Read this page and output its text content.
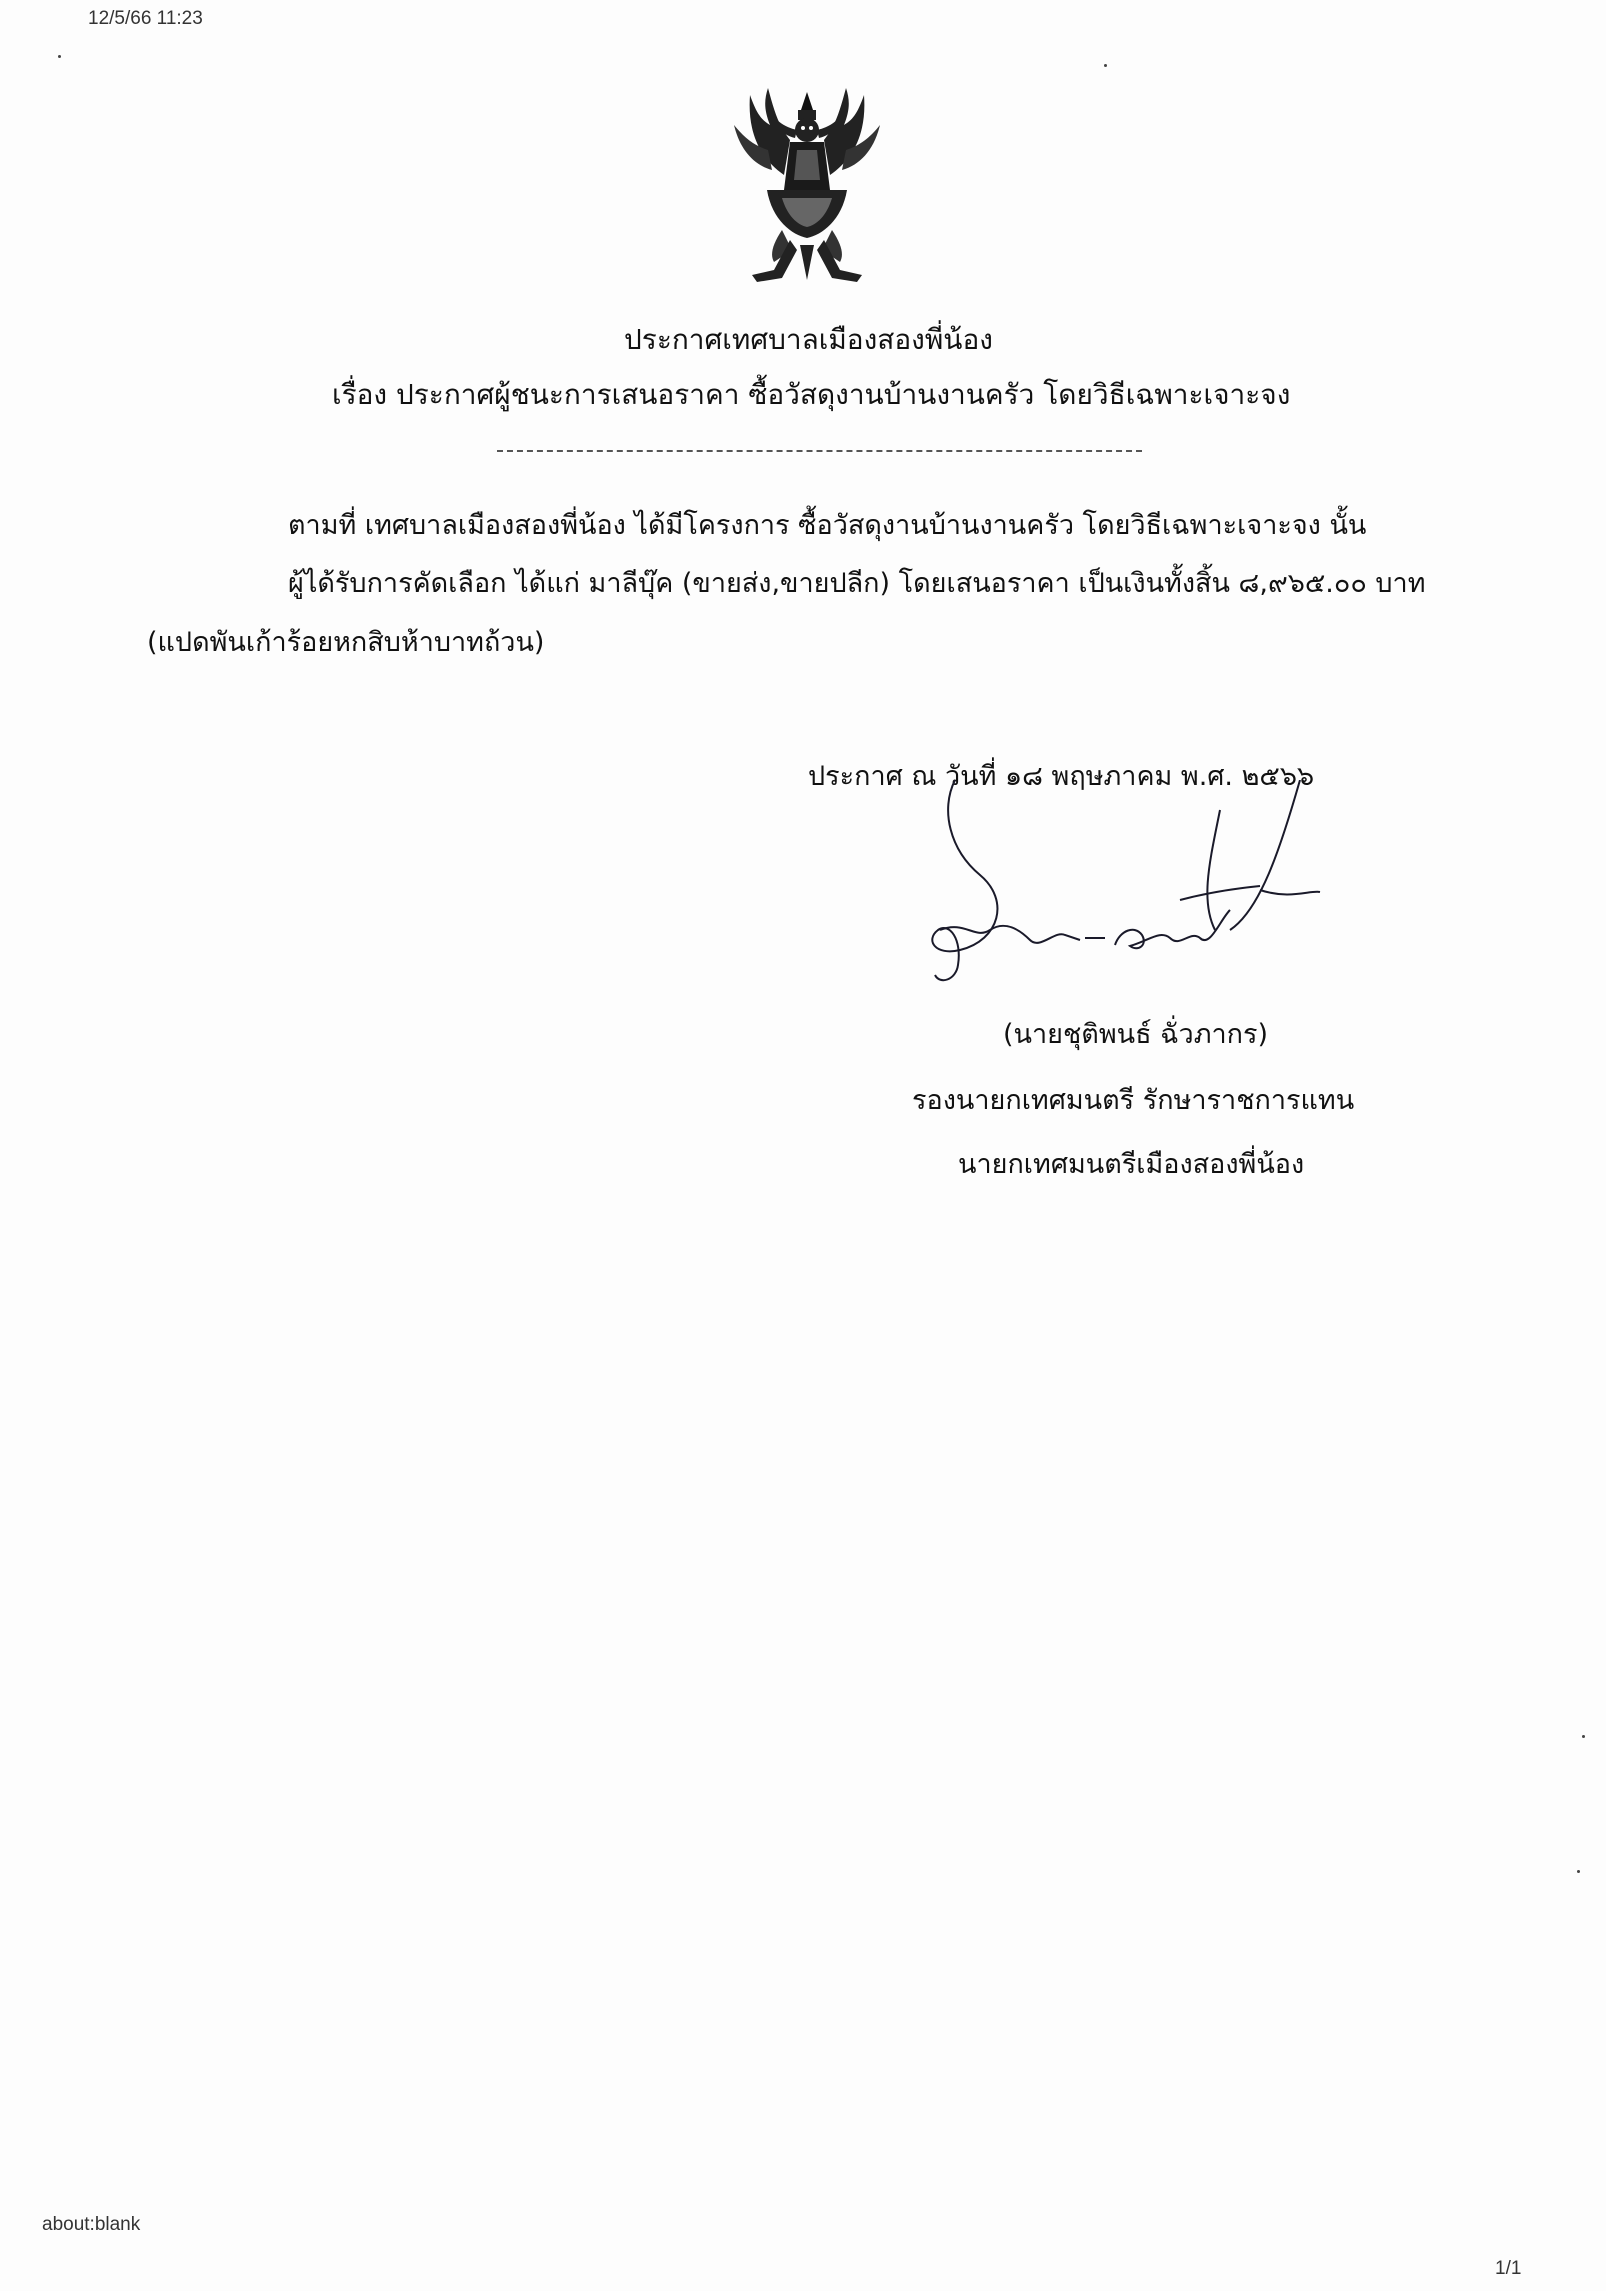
12/5/66 11:23
ประกาศเทศบาลเมืองสองพี่น้อง
เรื่อง ประกาศผู้ชนะการเสนอราคา ซื้อวัสดุงานบ้านงานครัว โดยวิธีเฉพาะเจาะจง
ตามที่ เทศบาลเมืองสองพี่น้อง ได้มีโครงการ ซื้อวัสดุงานบ้านงานครัว โดยวิธีเฉพาะเจาะจง นั้น
ผู้ได้รับการคัดเลือก ได้แก่ มาลีบุ๊ค (ขายส่ง,ขายปลีก) โดยเสนอราคา เป็นเงินทั้งสิ้น ๘,๙๖๕.๐๐ บาท
(แปดพันเก้าร้อยหกสิบห้าบาทถ้วน)
ประกาศ ณ วันที่ ๑๘ พฤษภาคม พ.ศ. ๒๕๖๖
(นายชุติพนธ์ ฉั่วภากร)
รองนายกเทศมนตรี รักษาราชการแทน
นายกเทศมนตรีเมืองสองพี่น้อง
about:blank
1/1
